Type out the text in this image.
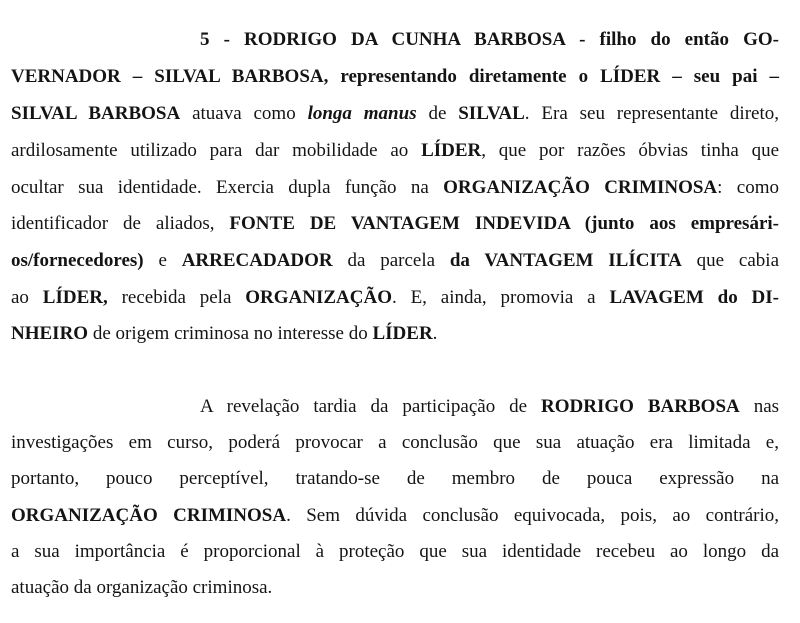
5 - RODRIGO DA CUNHA BARBOSA - filho do então GO-
VERNADOR – SILVAL BARBOSA, representando diretamente o LÍDER – seu pai –
SILVAL BARBOSA atuava como longa manus de SILVAL. Era seu representante direto,
ardilosamente utilizado para dar mobilidade ao LÍDER, que por razões óbvias tinha que
ocultar sua identidade. Exercia dupla função na ORGANIZAÇÃO CRIMINOSA: como
identificador de aliados, FONTE DE VANTAGEM INDEVIDA (junto aos empresári-
os/fornecedores) e ARRECADADOR da parcela da VANTAGEM ILÍCITA que cabia
ao LÍDER, recebida pela ORGANIZAÇÃO. E, ainda, promovia a LAVAGEM do DI-
NHEIRO de origem criminosa no interesse do LÍDER.
A revelação tardia da participação de RODRIGO BARBOSA nas
investigações em curso, poderá provocar a conclusão que sua atuação era limitada e,
portanto, pouco perceptível, tratando-se de membro de pouca expressão na
ORGANIZAÇÃO CRIMINOSA. Sem dúvida conclusão equivocada, pois, ao contrário,
a sua importância é proporcional à proteção que sua identidade recebeu ao longo da
atuação da organização criminosa.
